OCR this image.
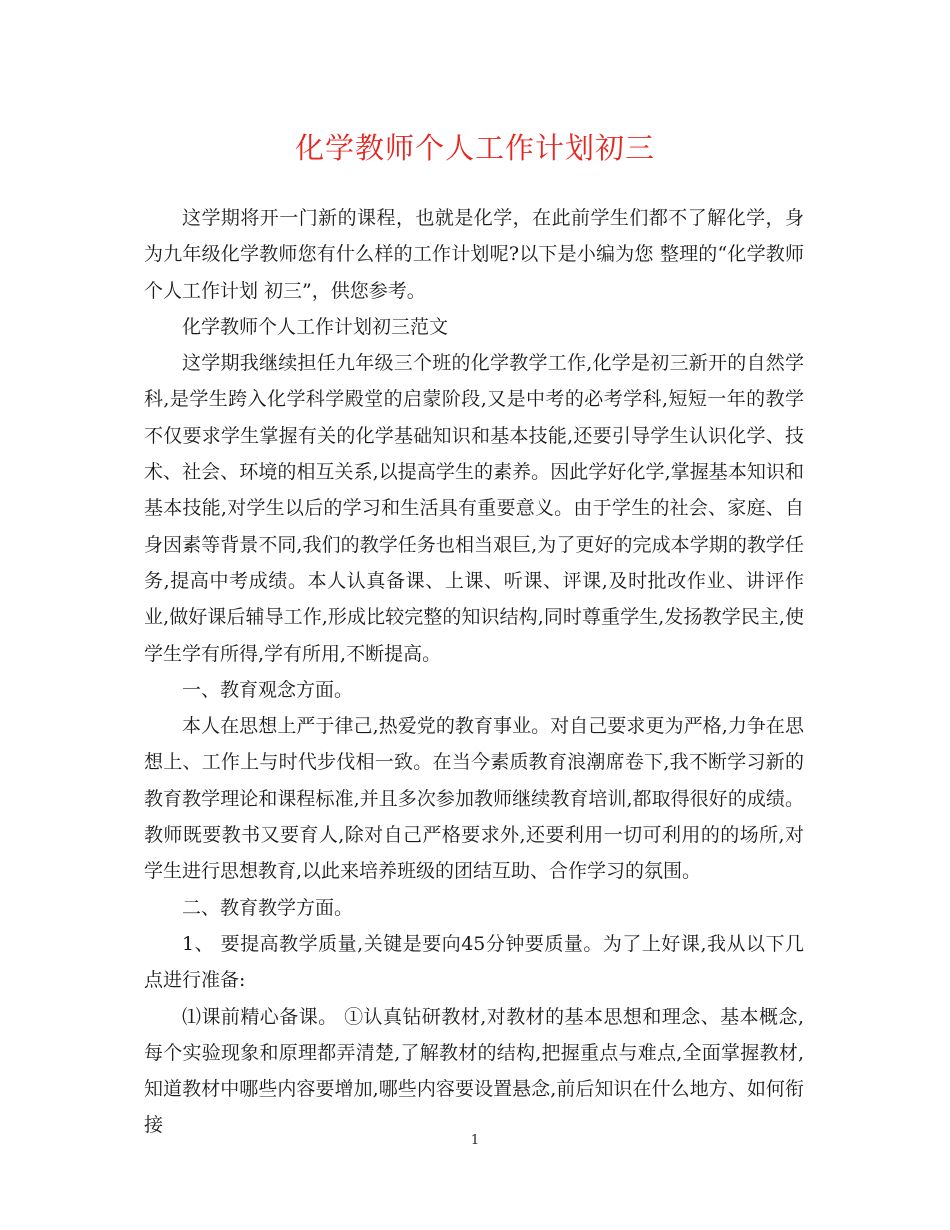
化学教师个人工作计划初三

这学期将开一门新的课程，也就是化学，在此前学生们都不了解化学，身为九年级化学教师您有什么样的工作计划呢?以下是小编为您 整理的“化学教师个人工作计划 初三”，供您参考。

化学教师个人工作计划初三范文

这学期我继续担任九年级三个班的化学教学工作,化学是初三新开的自然学科,是学生跨入化学科学殿堂的启蒙阶段,又是中考的必考学科,短短一年的教学不仅要求学生掌握有关的化学基础知识和基本技能,还要引导学生认识化学、技术、社会、环境的相互关系,以提高学生的素养。因此学好化学,掌握基本知识和基本技能,对学生以后的学习和生活具有重要意义。由于学生的社会、家庭、自身因素等背景不同,我们的教学任务也相当艰巨,为了更好的完成本学期的教学任务,提高中考成绩。本人认真备课、上课、听课、评课,及时批改作业、讲评作业,做好课后辅导工作,形成比较完整的知识结构,同时尊重学生,发扬教学民主,使学生学有所得,学有所用,不断提高。

一、教育观念方面。

本人在思想上严于律己,热爱党的教育事业。对自己要求更为严格,力争在思想上、工作上与时代步伐相一致。在当今素质教育浪潮席卷下,我不断学习新的教育教学理论和课程标准,并且多次参加教师继续教育培训,都取得很好的成绩。教师既要教书又要育人,除对自己严格要求外,还要利用一切可利用的的场所,对学生进行思想教育,以此来培养班级的团结互助、合作学习的氛围。

二、教育教学方面。

1、 要提高教学质量,关键是要向45分钟要质量。为了上好课,我从以下几点进行准备:

⑴课前精心备课。 ①认真钻研教材,对教材的基本思想和理念、基本概念,每个实验现象和原理都弄清楚,了解教材的结构,把握重点与难点,全面掌握教材,知道教材中哪些内容要增加,哪些内容要设置悬念,前后知识在什么地方、如何衔接

1
